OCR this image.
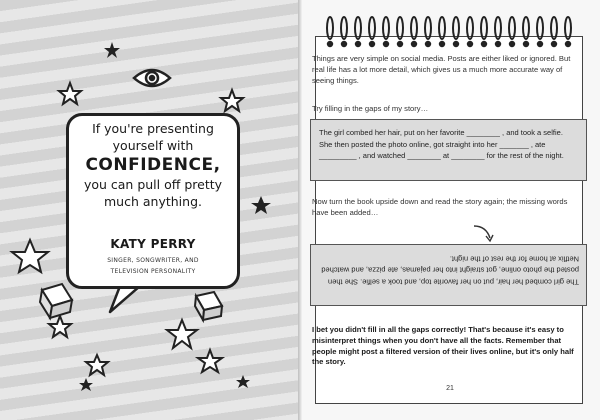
If you're presenting
yourself with
CONFIDENCE,
you can pull off pretty
much anything.
KATY PERRY
SINGER, SONGWRITER, AND
TELEVISION PERSONALITY
Things are very simple on social media. Posts are either liked or ignored. But real life has a lot more detail, which gives us a much more accurate way of seeing things.
Try filling in the gaps of my story…
The girl combed her hair, put on her favorite ________ , and took a selfie. She then posted the photo online, got straight into her _______ , ate _________ , and watched ________ at ________ for the rest of the night.
Now turn the book upside down and read the story again; the missing words have been added…
The girl combed her hair, put on her favorite top, and took a selfie. She then posted the photo online, got straight into her pajamas, ate pizza, and watched Netflix at home for the rest of the night.
I bet you didn't fill in all the gaps correctly! That's because it's easy to misinterpret things when you don't have all the facts. Remember that people might post a filtered version of their lives online, but it's only half the story.
21
